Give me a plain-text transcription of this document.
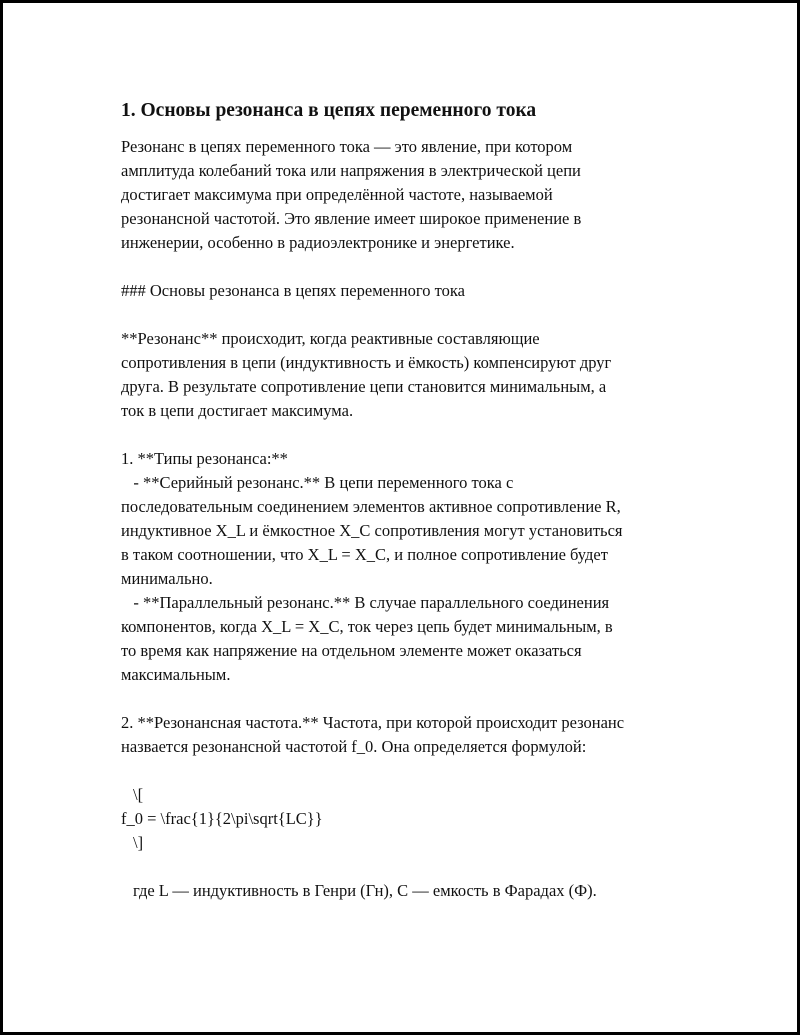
1. Основы резонанса в цепях переменного тока

Резонанс в цепях переменного тока — это явление, при котором
амплитуда колебаний тока или напряжения в электрической цепи
достигает максимума при определённой частоте, называемой
резонансной частотой. Это явление имеет широкое применение в
инженерии, особенно в радиоэлектронике и энергетике.

### Основы резонанса в цепях переменного тока

**Резонанс** происходит, когда реактивные составляющие
сопротивления в цепи (индуктивность и ёмкость) компенсируют друг
друга. В результате сопротивление цепи становится минимальным, а
ток в цепи достигает максимума.

1. **Типы резонанса:**

- **Серийный резонанс.** В цепи переменного тока с
последовательным соединением элементов активное сопротивление R,
индуктивное X_L и ёмкостное X_C сопротивления могут установиться
в таком соотношении, что X_L = X_C, и полное сопротивление будет
минимально.

- **Параллельный резонанс.** В случае параллельного соединения
компонентов, когда X_L = X_C, ток через цепь будет минимальным, в
то время как напряжение на отдельном элементе может оказаться
максимальным.

2. **Резонансная частота.** Частота, при которой происходит резонанс
назвается резонансной частотой f_0. Она определяется формулой:

\[
f_0 = \frac{1}{2\pi\sqrt{LC}}
\]

где L — индуктивность в Генри (Гн), C — емкость в Фарадах (Ф).
